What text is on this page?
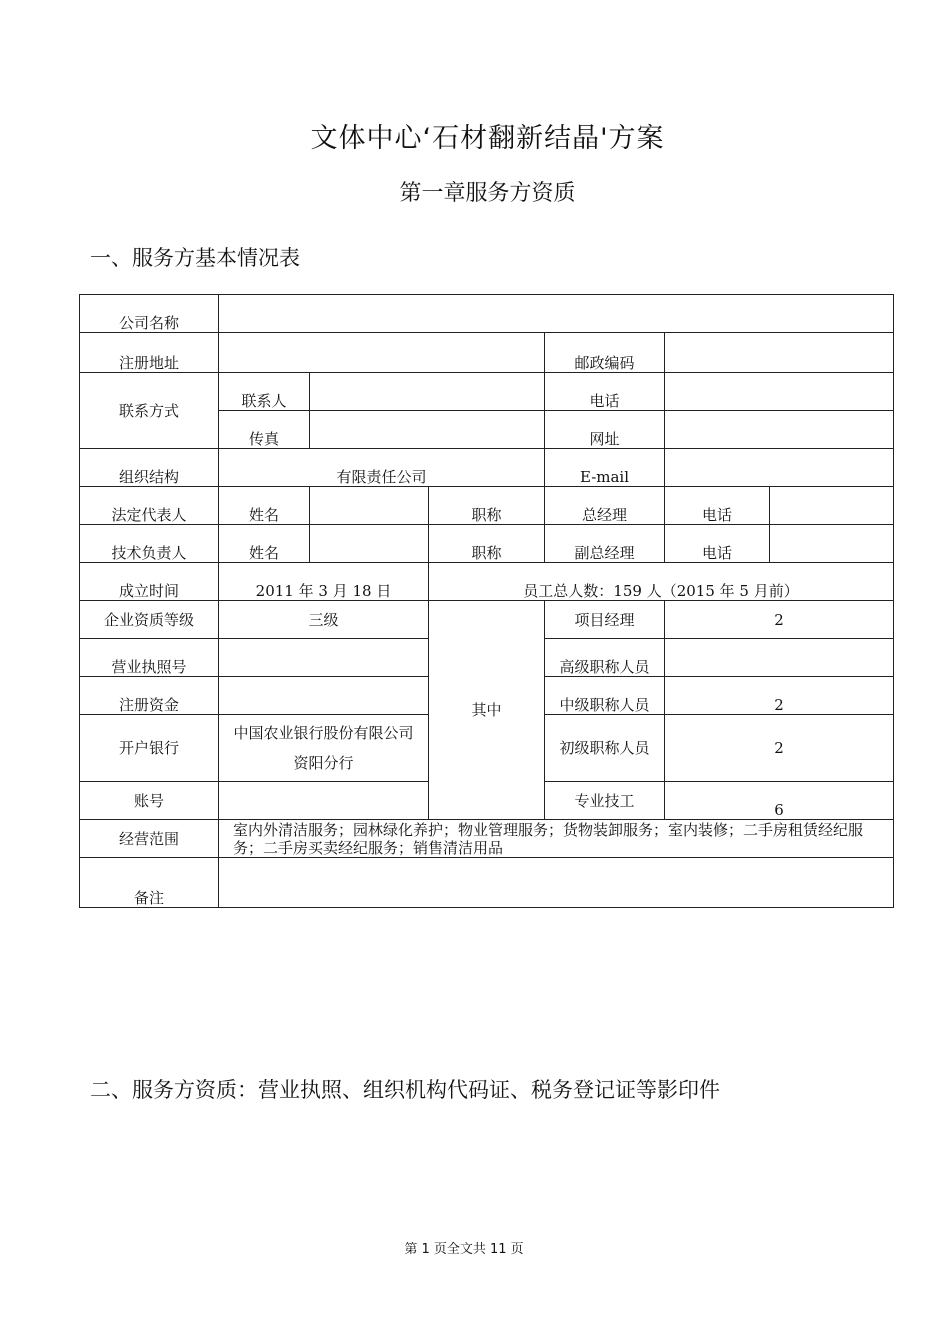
文体中心‘石材翻新结晶'方案
第一章服务方资质
一、服务方基本情况表
公司名称						
注册地址				邮政编码		
联系方式	联系人			电话		
	传真			网址		
组织结构	有限责任公司			E-mail		
法定代表人	姓名		职称	总经理	电话	
技术负责人	姓名		职称	副总经理	电话	
成立时间	2011 年 3 月 18 日		员工总人数：159 人（2015 年 5 月前）			
企业资质等级	三级		其中	项目经理	2	
营业执照号				高级职称人员		
注册资金				中级职称人员	2	
开户银行	中国农业银行股份有限公司资阳分行			初级职称人员	2	
账号				专业技工	6	
经营范围	室内外清洁服务；园林绿化养护；物业管理服务；货物装卸服务；室内装修；二手房租赁经纪服务；二手房买卖经纪服务；销售清洁用品					
备注						
二、服务方资质：营业执照、组织机构代码证、税务登记证等影印件
第 1 页全文共 11 页
